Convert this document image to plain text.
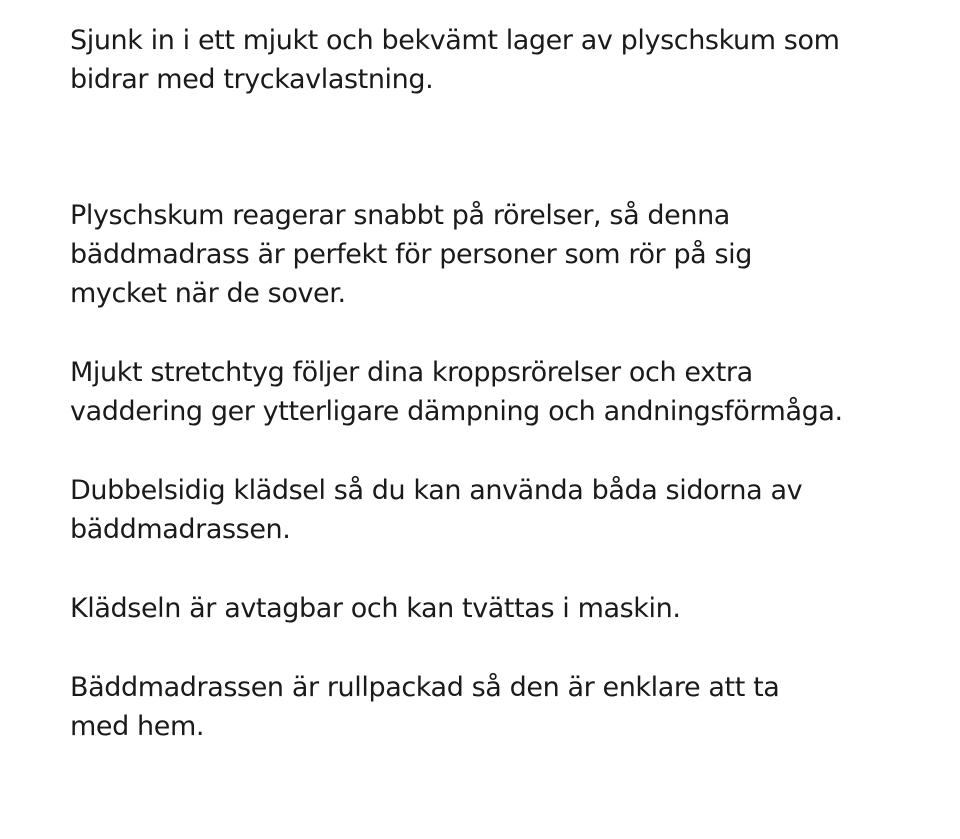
Sjunk in i ett mjukt och bekvämt lager av plyschskum som
bidrar med tryckavlastning.

Plyschskum reagerar snabbt på rörelser, så denna
bäddmadrass är perfekt för personer som rör på sig
mycket när de sover.

Mjukt stretchtyg följer dina kroppsrörelser och extra
vaddering ger ytterligare dämpning och andningsförmåga.

Dubbelsidig klädsel så du kan använda båda sidorna av
bäddmadrassen.

Klädseln är avtagbar och kan tvättas i maskin.

Bäddmadrassen är rullpackad så den är enklare att ta
med hem.
